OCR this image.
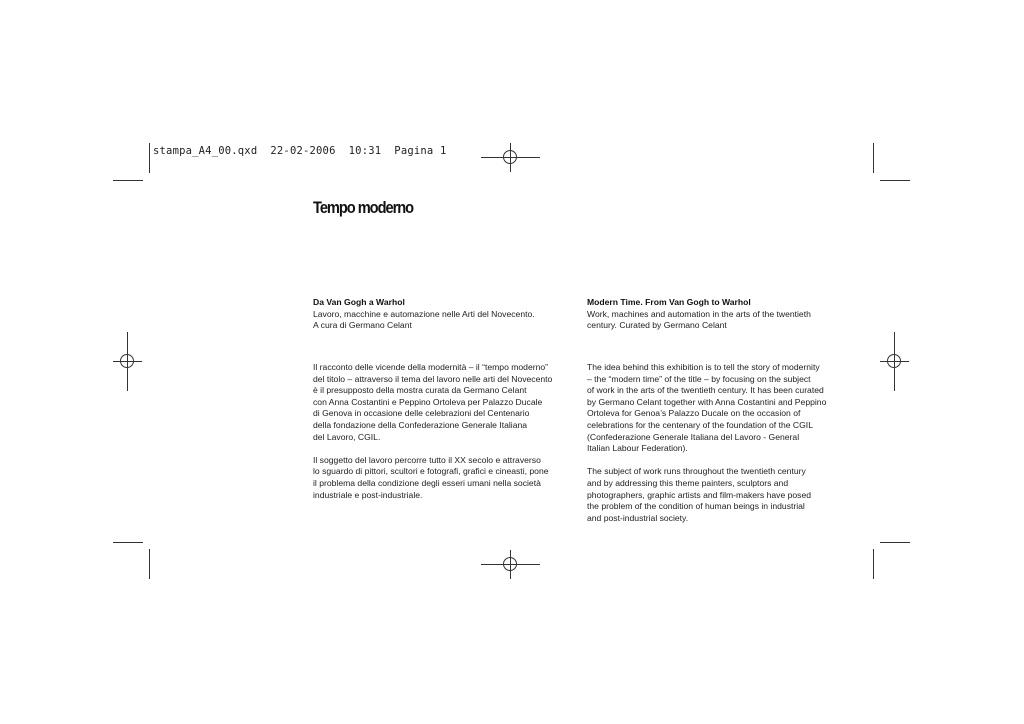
stampa_A4_00.qxd  22-02-2006  10:31  Pagina 1
Tempo moderno

Da Van Gogh a Warhol

Lavoro, macchine e automazione nelle Arti del Novecento.

A cura di Germano Celant

Modern Time. From Van Gogh to Warhol

Work, machines and automation in the arts of the twentieth

century. Curated by Germano Celant

Il racconto delle vicende della modernità – il “tempo moderno”

del titolo – attraverso il tema del lavoro nelle arti del Novecento

è il presupposto della mostra curata da Germano Celant

con Anna Costantini e Peppino Ortoleva per Palazzo Ducale

di Genova in occasione delle celebrazioni del Centenario

della fondazione della Confederazione Generale Italiana

del Lavoro, CGIL.

Il soggetto del lavoro percorre tutto il XX secolo e attraverso

lo sguardo di pittori, scultori e fotografi, grafici e cineasti, pone

il problema della condizione degli esseri umani nella società

industriale e post-industriale.

The idea behind this exhibition is to tell the story of modernity

– the “modern time” of the title – by focusing on the subject

of work in the arts of the twentieth century. It has been curated

by Germano Celant together with Anna Costantini and Peppino

Ortoleva for Genoa’s Palazzo Ducale on the occasion of

celebrations for the centenary of the foundation of the CGIL

(Confederazione Generale Italiana del Lavoro - General

Italian Labour Federation).

The subject of work runs throughout the twentieth century

and by addressing this theme painters, sculptors and

photographers, graphic artists and film-makers have posed

the problem of the condition of human beings in industrial

and post-industrial society.
